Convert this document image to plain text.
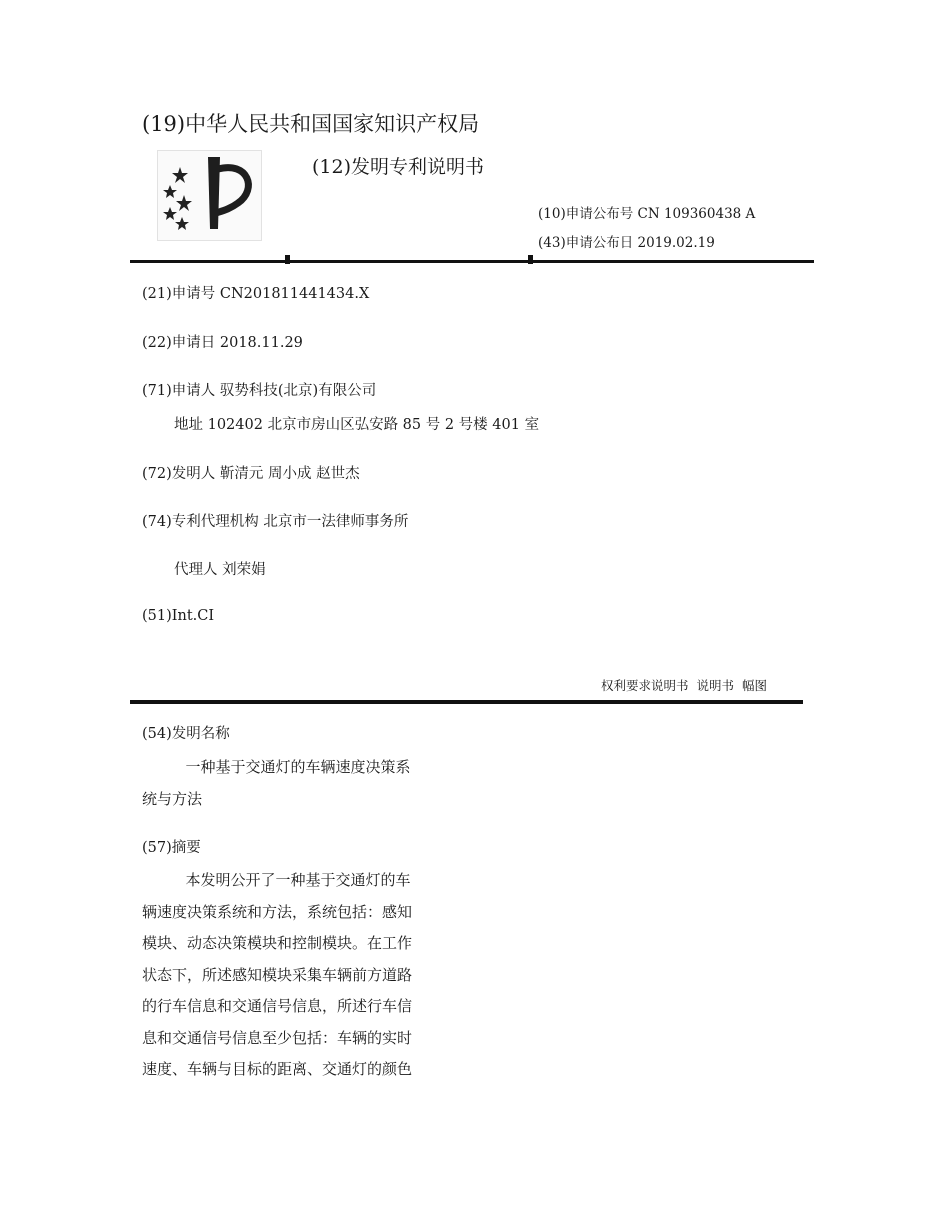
(19)中华人民共和国国家知识产权局
(12)发明专利说明书
(10)申请公布号 CN 109360438 A
(43)申请公布日 2019.02.19
(21)申请号 CN201811441434.X
(22)申请日 2018.11.29
(71)申请人 驭势科技(北京)有限公司
地址 102402 北京市房山区弘安路 85 号 2 号楼 401 室
(72)发明人 靳清元 周小成 赵世杰
(74)专利代理机构 北京市一法律师事务所
代理人 刘荣娟
(51)Int.CI
权利要求说明书 说明书 幅图
(54)发明名称
一种基于交通灯的车辆速度决策系
统与方法
(57)摘要
本发明公开了一种基于交通灯的车
辆速度决策系统和方法，系统包括：感知
模块、动态决策模块和控制模块。在工作
状态下，所述感知模块采集车辆前方道路
的行车信息和交通信号信息，所述行车信
息和交通信号信息至少包括：车辆的实时
速度、车辆与目标的距离、交通灯的颜色
